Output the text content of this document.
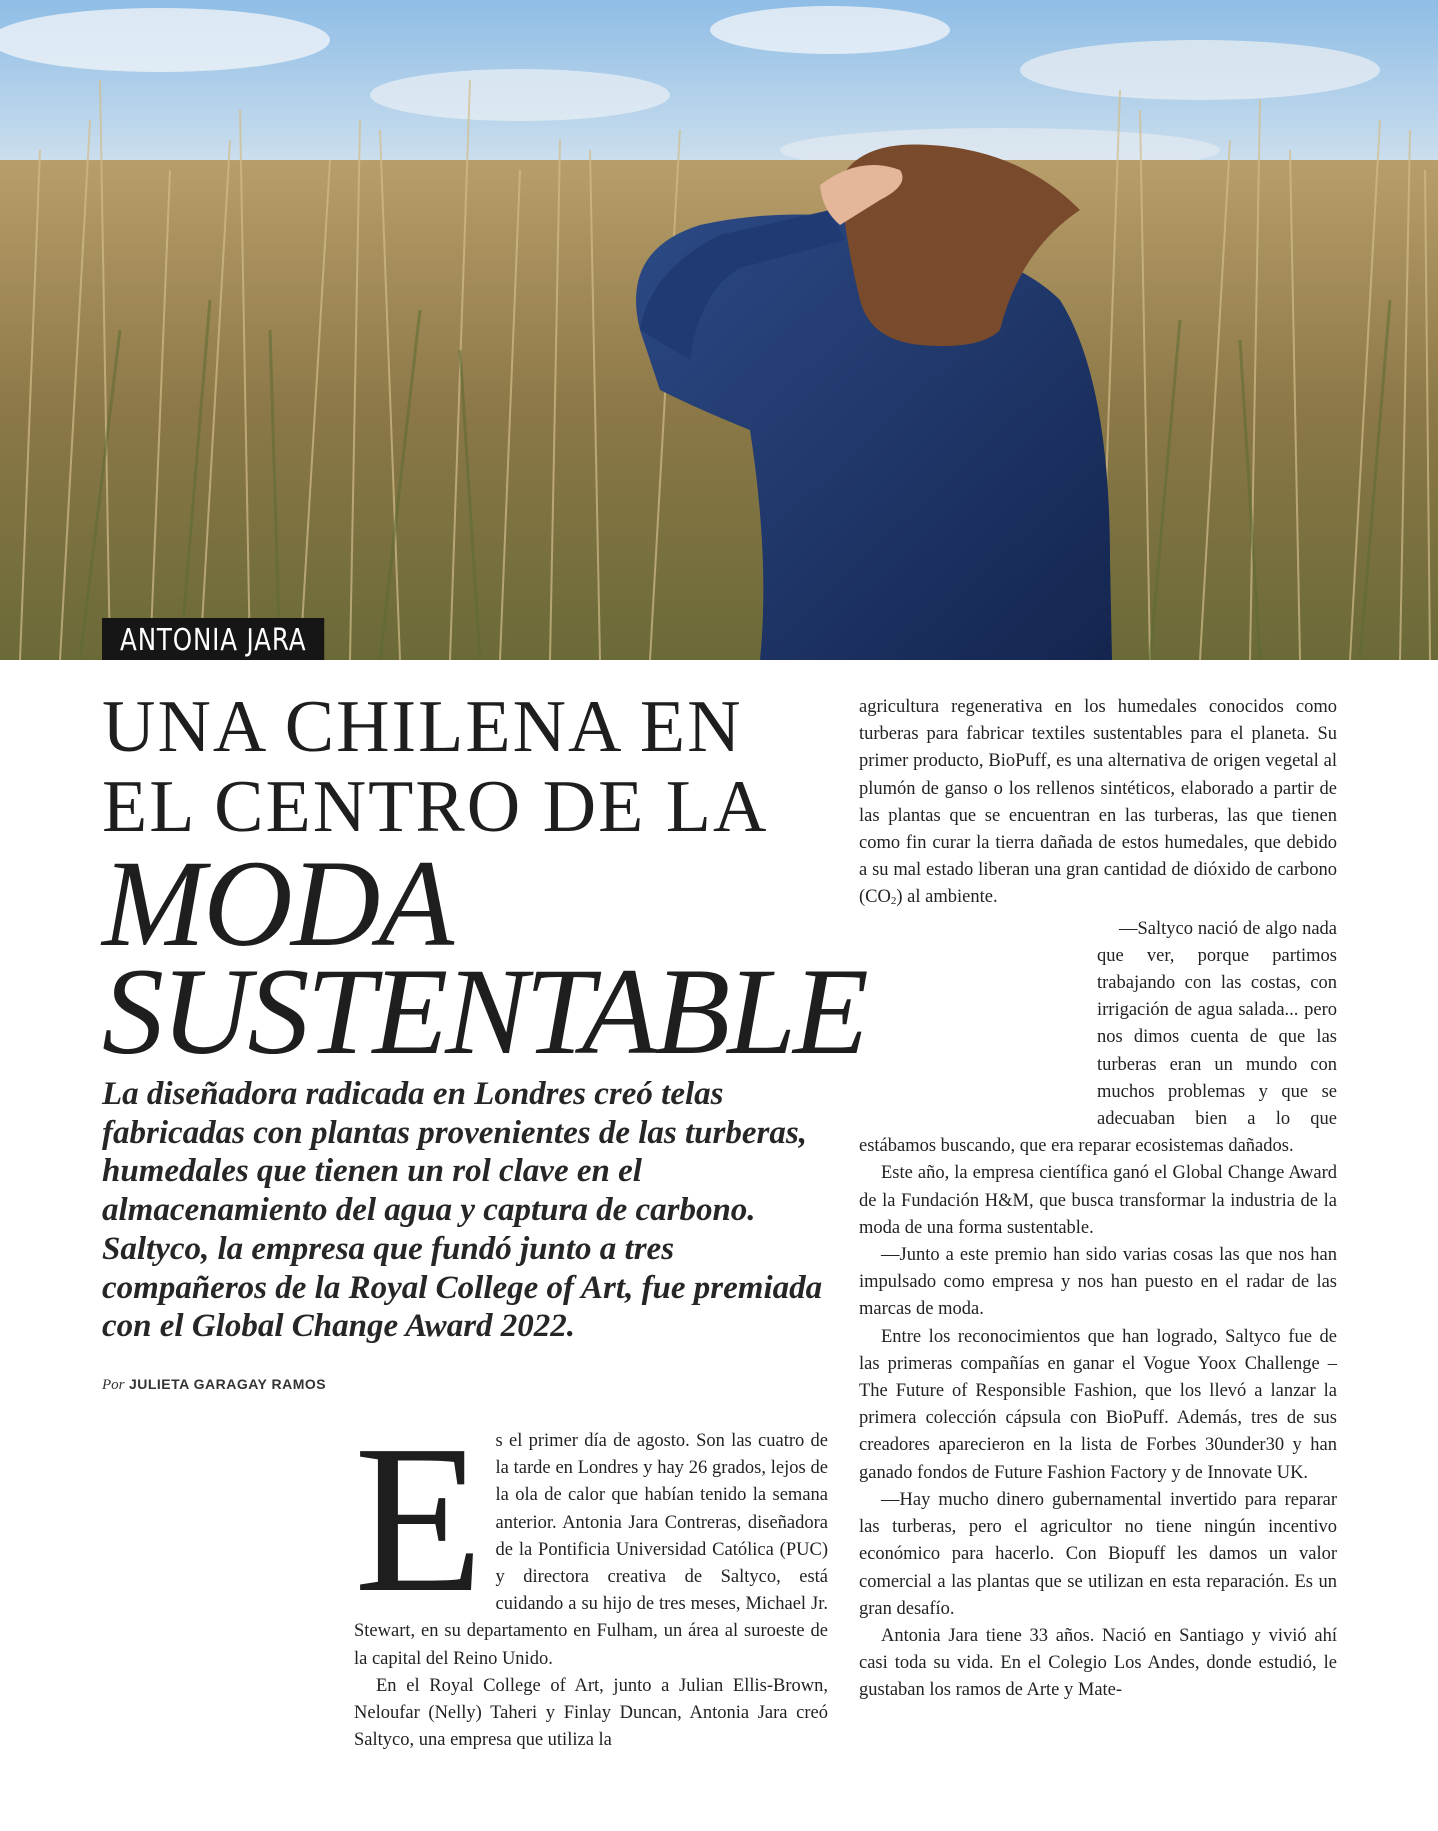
ANTONIA JARA
UNA CHILENA EN
EL CENTRO DE LA
MODA
SUSTENTABLE

La diseñadora radicada en Londres creó telas fabricadas con plantas provenientes de las turberas, humedales que tienen un rol clave en el almacenamiento del agua y captura de carbono. Saltyco, la empresa que fundó junto a tres compañeros de la Royal College of Art, fue premiada con el Global Change Award 2022.

Por JULIETA GARAGAY RAMOS
E s el primer día de agosto. Son las cuatro de la tarde en Londres y hay 26 grados, lejos de la ola de calor que habían tenido la semana anterior. Antonia Jara Contreras, diseñadora de la Pontificia Universidad Católica (PUC) y directora creativa de Saltyco, está cuidando a su hijo de tres meses, Michael Jr. Stewart, en su departamento en Fulham, un área al suroeste de la capital del Reino Unido.

En el Royal College of Art, junto a Julian Ellis-Brown, Neloufar (Nelly) Taheri y Finlay Duncan, Antonia Jara creó Saltyco, una empresa que utiliza la

agricultura regenerativa en los humedales conocidos como turberas para fabricar textiles sustentables para el planeta. Su primer producto, BioPuff, es una alternativa de origen vegetal al plumón de ganso o los rellenos sintéticos, elaborado a partir de las plantas que se encuentran en las turberas, las que tienen como fin curar la tierra dañada de estos humedales, que debido a su mal estado liberan una gran cantidad de dióxido de carbono (CO2) al ambiente.

—Saltyco nació de algo nada que ver, porque partimos trabajando con las costas, con irrigación de agua salada... pero nos dimos cuenta de que las turberas eran un mundo con muchos problemas y que se adecuaban bien a lo que estábamos buscando, que era reparar ecosistemas dañados.

Este año, la empresa científica ganó el Global Change Award de la Fundación H&M, que busca transformar la industria de la moda de una forma sustentable.

—Junto a este premio han sido varias cosas las que nos han impulsado como empresa y nos han puesto en el radar de las marcas de moda.

Entre los reconocimientos que han logrado, Saltyco fue de las primeras compañías en ganar el Vogue Yoox Challenge – The Future of Responsible Fashion, que los llevó a lanzar la primera colección cápsula con BioPuff. Además, tres de sus creadores aparecieron en la lista de Forbes 30under30 y han ganado fondos de Future Fashion Factory y de Innovate UK.

—Hay mucho dinero gubernamental invertido para reparar las turberas, pero el agricultor no tiene ningún incentivo económico para hacerlo. Con Biopuff les damos un valor comercial a las plantas que se utilizan en esta reparación. Es un gran desafío.

Antonia Jara tiene 33 años. Nació en Santiago y vivió ahí casi toda su vida. En el Colegio Los Andes, donde estudió, le gustaban los ramos de Arte y Mate-
